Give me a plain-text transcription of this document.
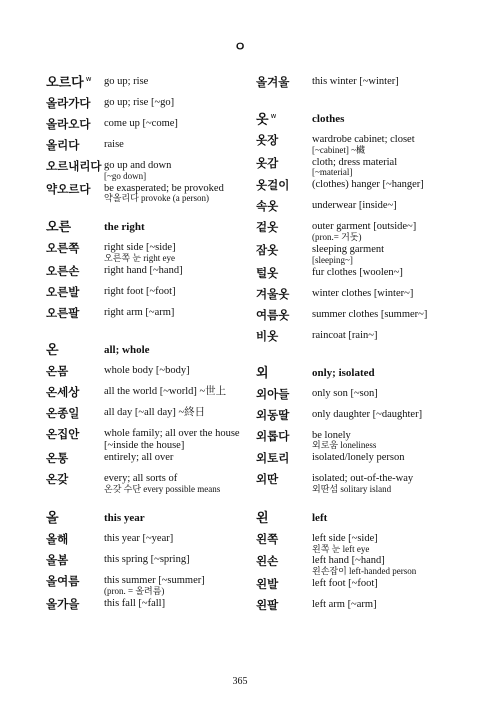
ㅇ
오르다 $^w$	go up; rise
올라가다	go up; rise [~go]
올라오다	come up [~come]
올리다	raise
오르내리다 go up and down
[~go down]
약오르다	be exasperated; be provoked
약올리다 provoke (a person)
오른	the right
오른쪽	right side [~side]
오른쪽 눈 right eye
오른손	right hand [~hand]
오른발	right foot [~foot]
오른팔	right arm [~arm]
온	all; whole
온몸	whole body [~body]
온세상	all the world [~world] ~世上
온종일	all day [~all day] ~終日
온집안	whole family; all over the house [~inside the house]
온통	entirely; all over
온갖	every; all sorts of
온갖 수단 every possible means
올	this year
올해	this year [~year]
올봄	this spring [~spring]
올여름	this summer [~summer]
(pron. = 올려름)
올가을	this fall [~fall]
올겨울	this winter [~winter]
옷 $^w$	clothes
옷장	wardrobe cabinet; closet
[~cabinet] ~欌
옷감	cloth; dress material
[~material]
옷걸이	(clothes) hanger [~hanger]
속옷	underwear [inside~]
겉옷	outer garment [outside~]
(pron.= 거돗)
잠옷	sleeping garment
[sleeping~]
털옷	fur clothes [woolen~]
겨울옷	winter clothes [winter~]
여름옷	summer clothes [summer~]
비옷	raincoat [rain~]
외	only; isolated
외아들	only son [~son]
외동딸	only daughter [~daughter]
외롭다	be lonely
외로움 loneliness
외토리	isolated/lonely person
외딴	isolated; out-of-the-way
외딴섬 solitary island
왼	left
왼쪽	left side [~side]
왼쪽 눈 left eye
왼손	left hand [~hand]
왼손잡이 left-handed person
왼발	left foot [~foot]
왼팔	left arm [~arm]
365
